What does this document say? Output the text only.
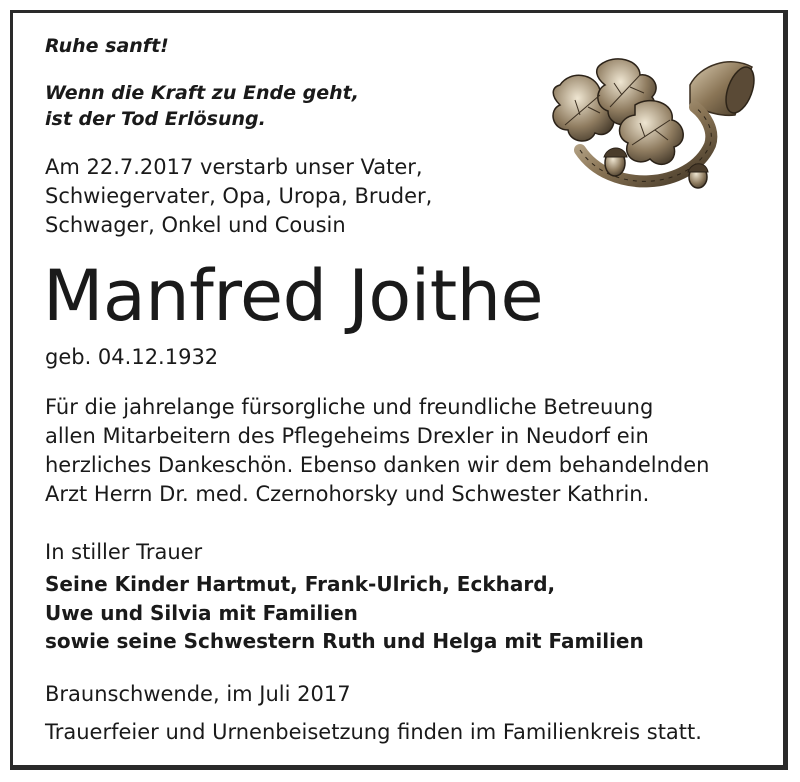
Ruhe sanft!
Wenn die Kraft zu Ende geht,
ist der Tod Erlösung.
Am 22.7.2017 verstarb unser Vater,
Schwiegervater, Opa, Uropa, Bruder,
Schwager, Onkel und Cousin
Manfred Joithe
geb. 04.12.1932
Für die jahrelange fürsorgliche und freundliche Betreuung
allen Mitarbeitern des Pflegeheims Drexler in Neudorf ein
herzliches Dankeschön. Ebenso danken wir dem behandelnden
Arzt Herrn Dr. med. Czernohorsky und Schwester Kathrin.
In stiller Trauer
Seine Kinder Hartmut, Frank-Ulrich, Eckhard,
Uwe und Silvia mit Familien
sowie seine Schwestern Ruth und Helga mit Familien
Braunschwende, im Juli 2017
Trauerfeier und Urnenbeisetzung finden im Familienkreis statt.
